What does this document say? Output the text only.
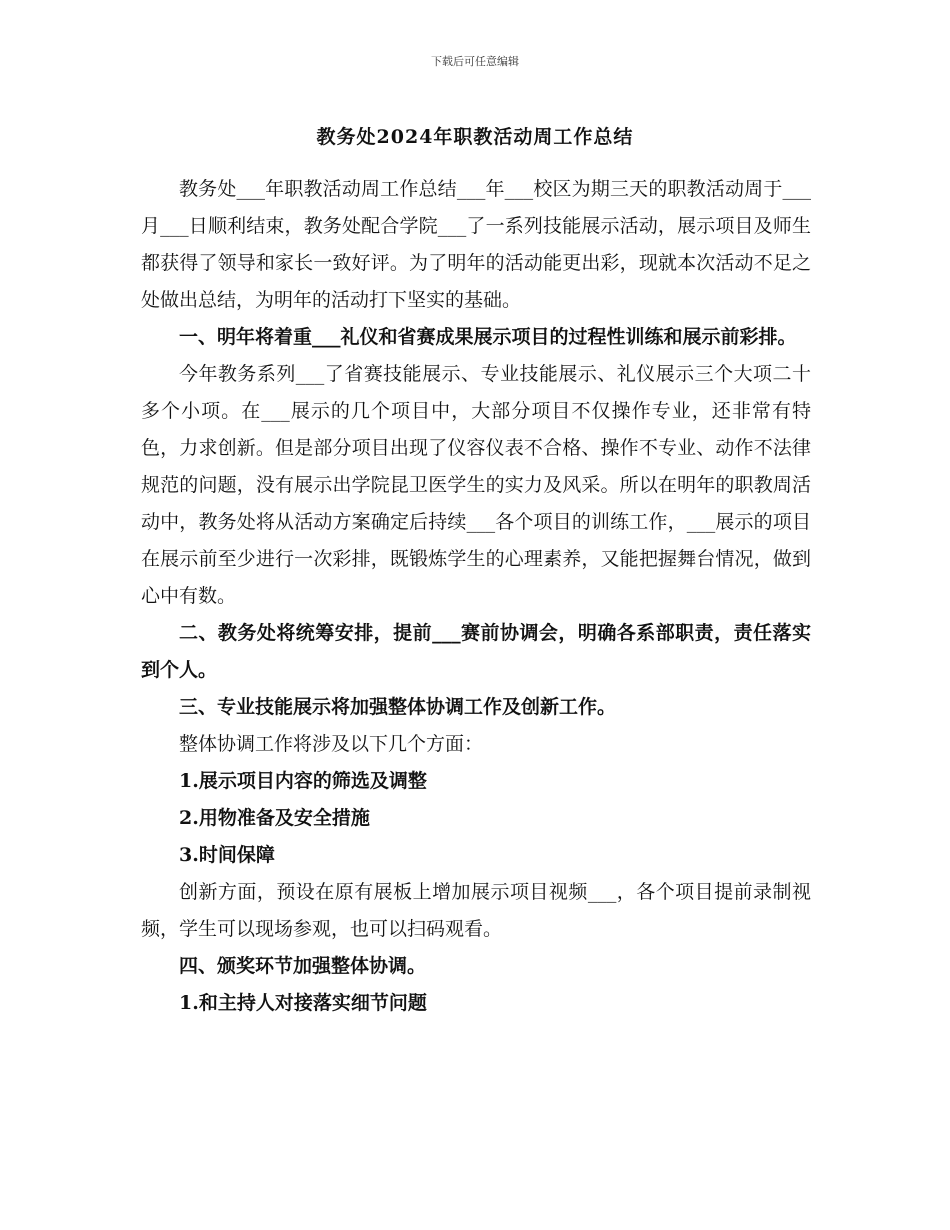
下载后可任意编辑
教务处2024年职教活动周工作总结

教务处___年职教活动周工作总结___年___校区为期三天的职教活动周于___月___日顺利结束，教务处配合学院___了一系列技能展示活动，展示项目及师生都获得了领导和家长一致好评。为了明年的活动能更出彩，现就本次活动不足之处做出总结，为明年的活动打下坚实的基础。

一、明年将着重___礼仪和省赛成果展示项目的过程性训练和展示前彩排。

今年教务系列___了省赛技能展示、专业技能展示、礼仪展示三个大项二十多个小项。在___展示的几个项目中，大部分项目不仅操作专业，还非常有特色，力求创新。但是部分项目出现了仪容仪表不合格、操作不专业、动作不法律规范的问题，没有展示出学院昆卫医学生的实力及风采。所以在明年的职教周活动中，教务处将从活动方案确定后持续___各个项目的训练工作，___展示的项目在展示前至少进行一次彩排，既锻炼学生的心理素养，又能把握舞台情况，做到心中有数。

二、教务处将统筹安排，提前___赛前协调会，明确各系部职责，责任落实到个人。

三、专业技能展示将加强整体协调工作及创新工作。

整体协调工作将涉及以下几个方面：

1.展示项目内容的筛选及调整

2.用物准备及安全措施

3.时间保障

创新方面，预设在原有展板上增加展示项目视频___，各个项目提前录制视频，学生可以现场参观，也可以扫码观看。

四、颁奖环节加强整体协调。

1.和主持人对接落实细节问题
